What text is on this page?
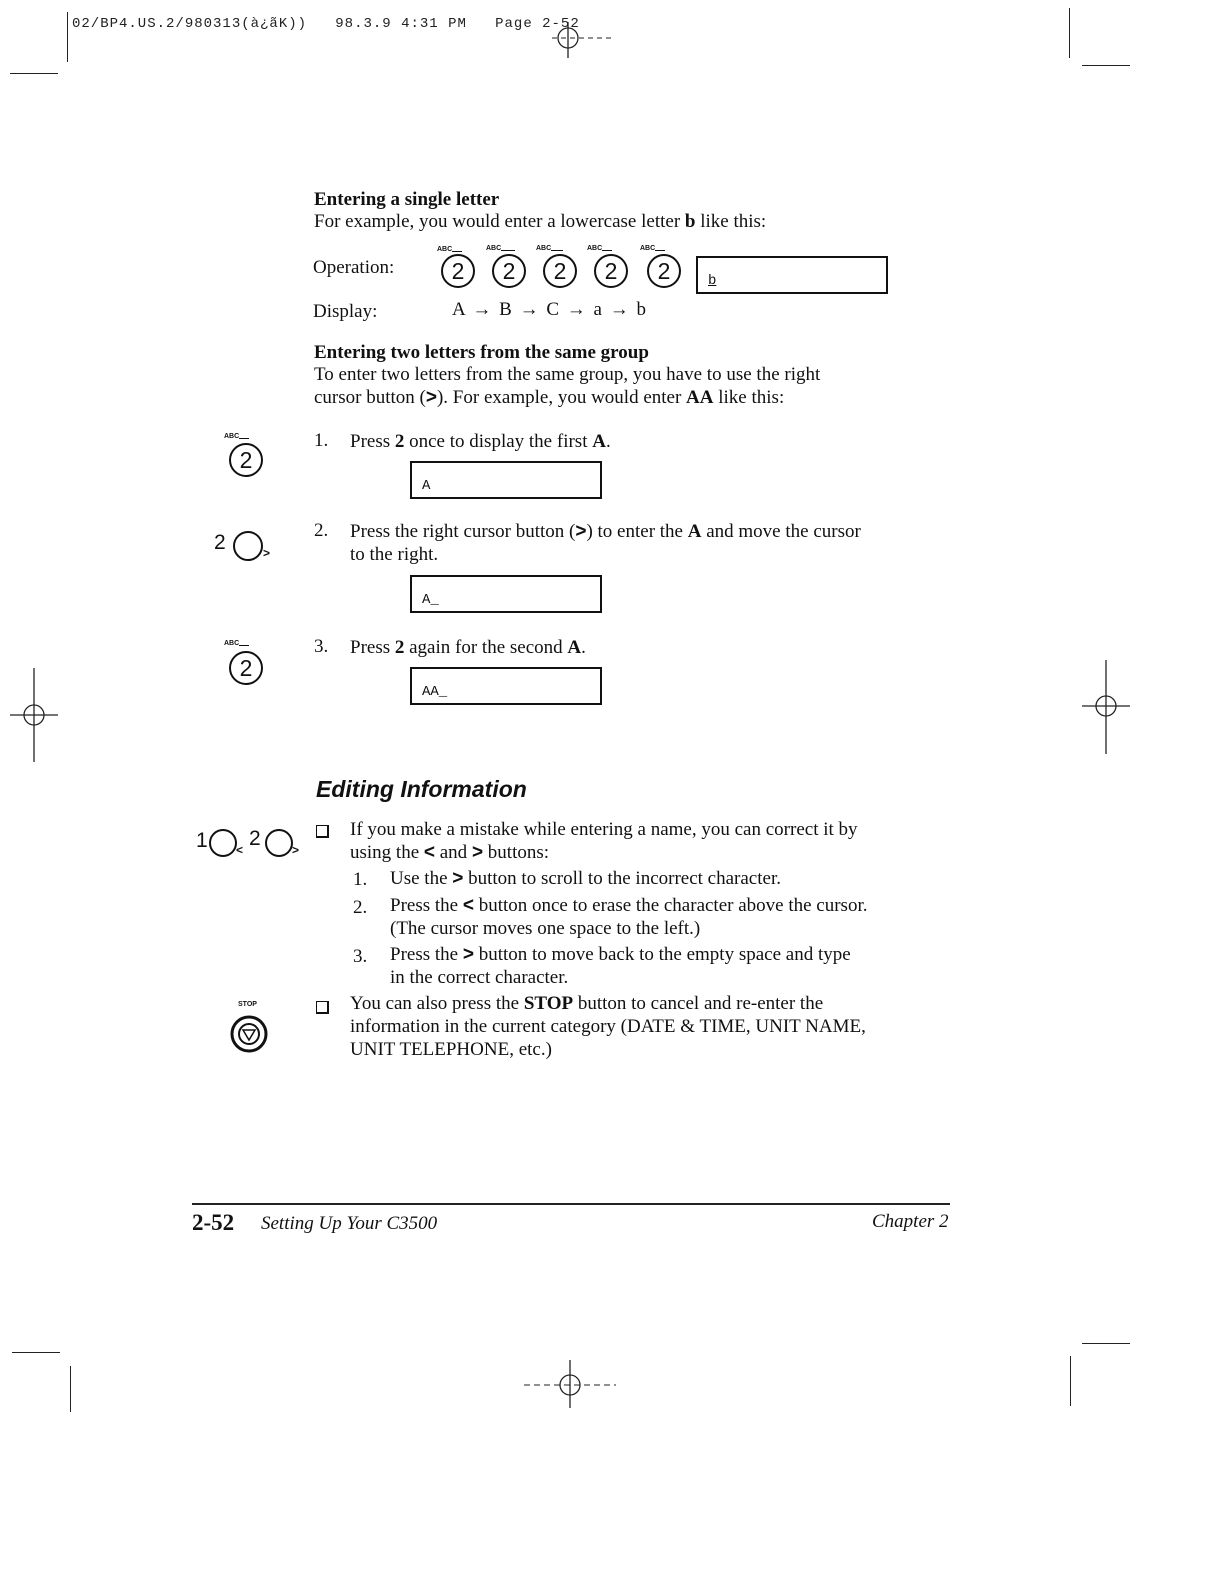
02/BP4.US.2/980313(à¿ãK)) 98.3.9 4:31 PM Page 2-52
Entering a single letter
For example, you would enter a lowercase letter b like this:
Operation:
ABC
2
ABC
2
ABC
2
ABC
2
ABC
2	b
Display:	A → B → C → a → b
Entering two letters from the same group
To enter two letters from the same group, you have to use the right
cursor button (>). For example, you would enter AA like this:
ABC
2
1. Press 2 once to display the first A.
A
2	>
2. Press the right cursor button (>) to enter the A and move the cursor
to the right.
A_
ABC
2
3. Press 2 again for the second A.
AA_
Editing Information
1 < 2	>
If you make a mistake while entering a name, you can correct it by
using the < and > buttons:
1. Use the > button to scroll to the incorrect character.
2. Press the < button once to erase the character above the cursor.
(The cursor moves one space to the left.)
3. Press the > button to move back to the empty space and type
in the correct character.
STOP	You can also press the STOP button to cancel and re-enter the
information in the current category (DATE & TIME, UNIT NAME,
UNIT TELEPHONE, etc.)
2-52 Setting Up Your C3500	Chapter 2
